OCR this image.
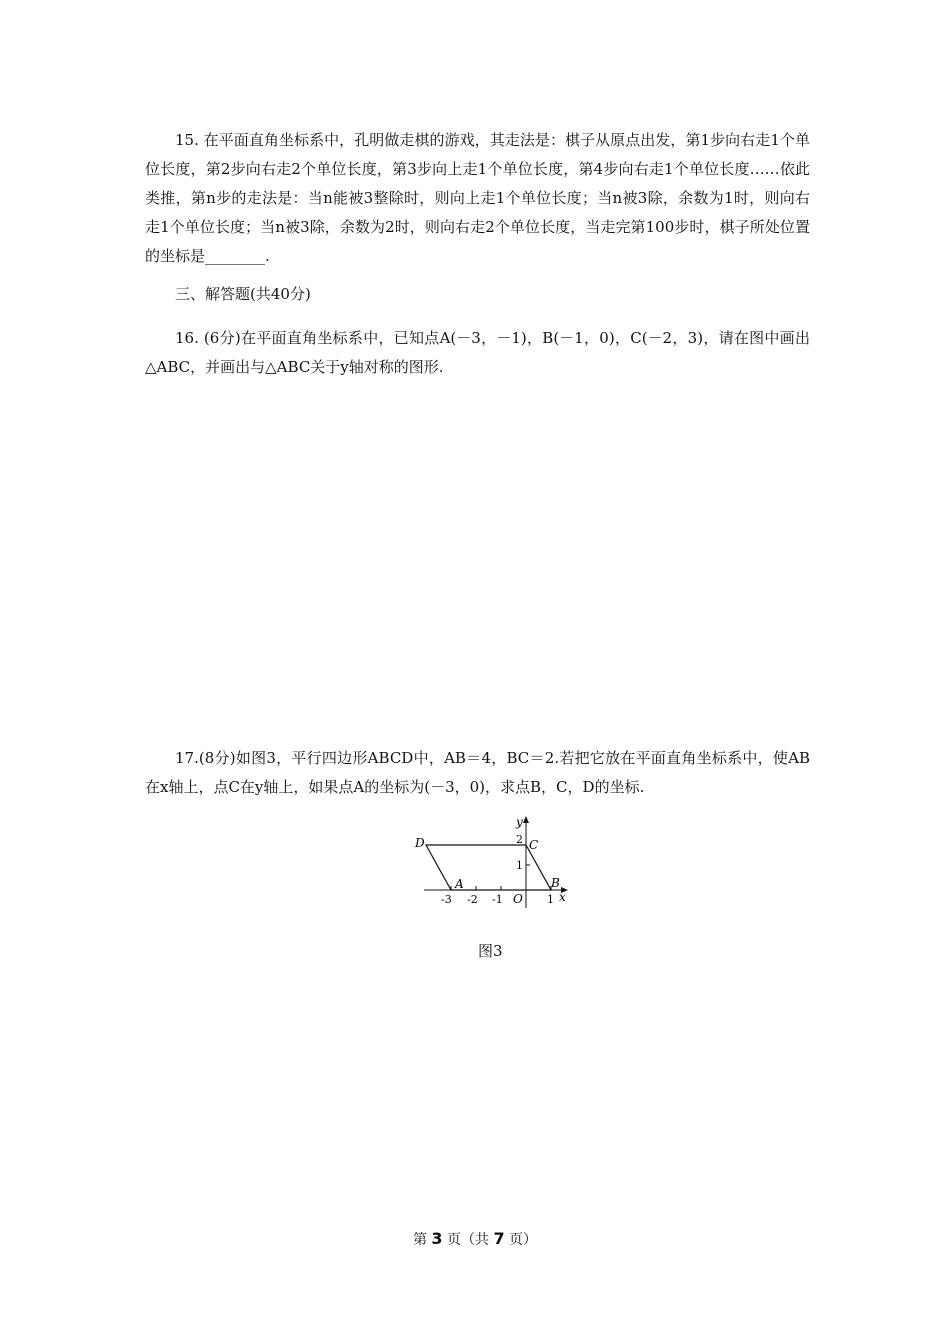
15. 在平面直角坐标系中，孔明做走棋的游戏，其走法是：棋子从原点出发，第1步向右走1个单位长度，第2步向右走2个单位长度，第3步向上走1个单位长度，第4步向右走1个单位长度……依此类推，第n步的走法是：当n能被3整除时，则向上走1个单位长度；当n被3除，余数为1时，则向右走1个单位长度；当n被3除，余数为2时，则向右走2个单位长度，当走完第100步时，棋子所处位置的坐标是________.
三、解答题(共40分)
16. (6分)在平面直角坐标系中，已知点A(－3，－1)，B(－1，0)，C(－2，3)，请在图中画出△ABC，并画出与△ABC关于y轴对称的图形.
17.(8分)如图3，平行四边形ABCD中，AB＝4，BC＝2.若把它放在平面直角坐标系中，使AB在x轴上，点C在y轴上，如果点A的坐标为(－3，0)，求点B，C，D的坐标.
y
x
O
-3 -2 -1	1
1
2
A	B
C
D
图3
第 3 页（共 7 页）
